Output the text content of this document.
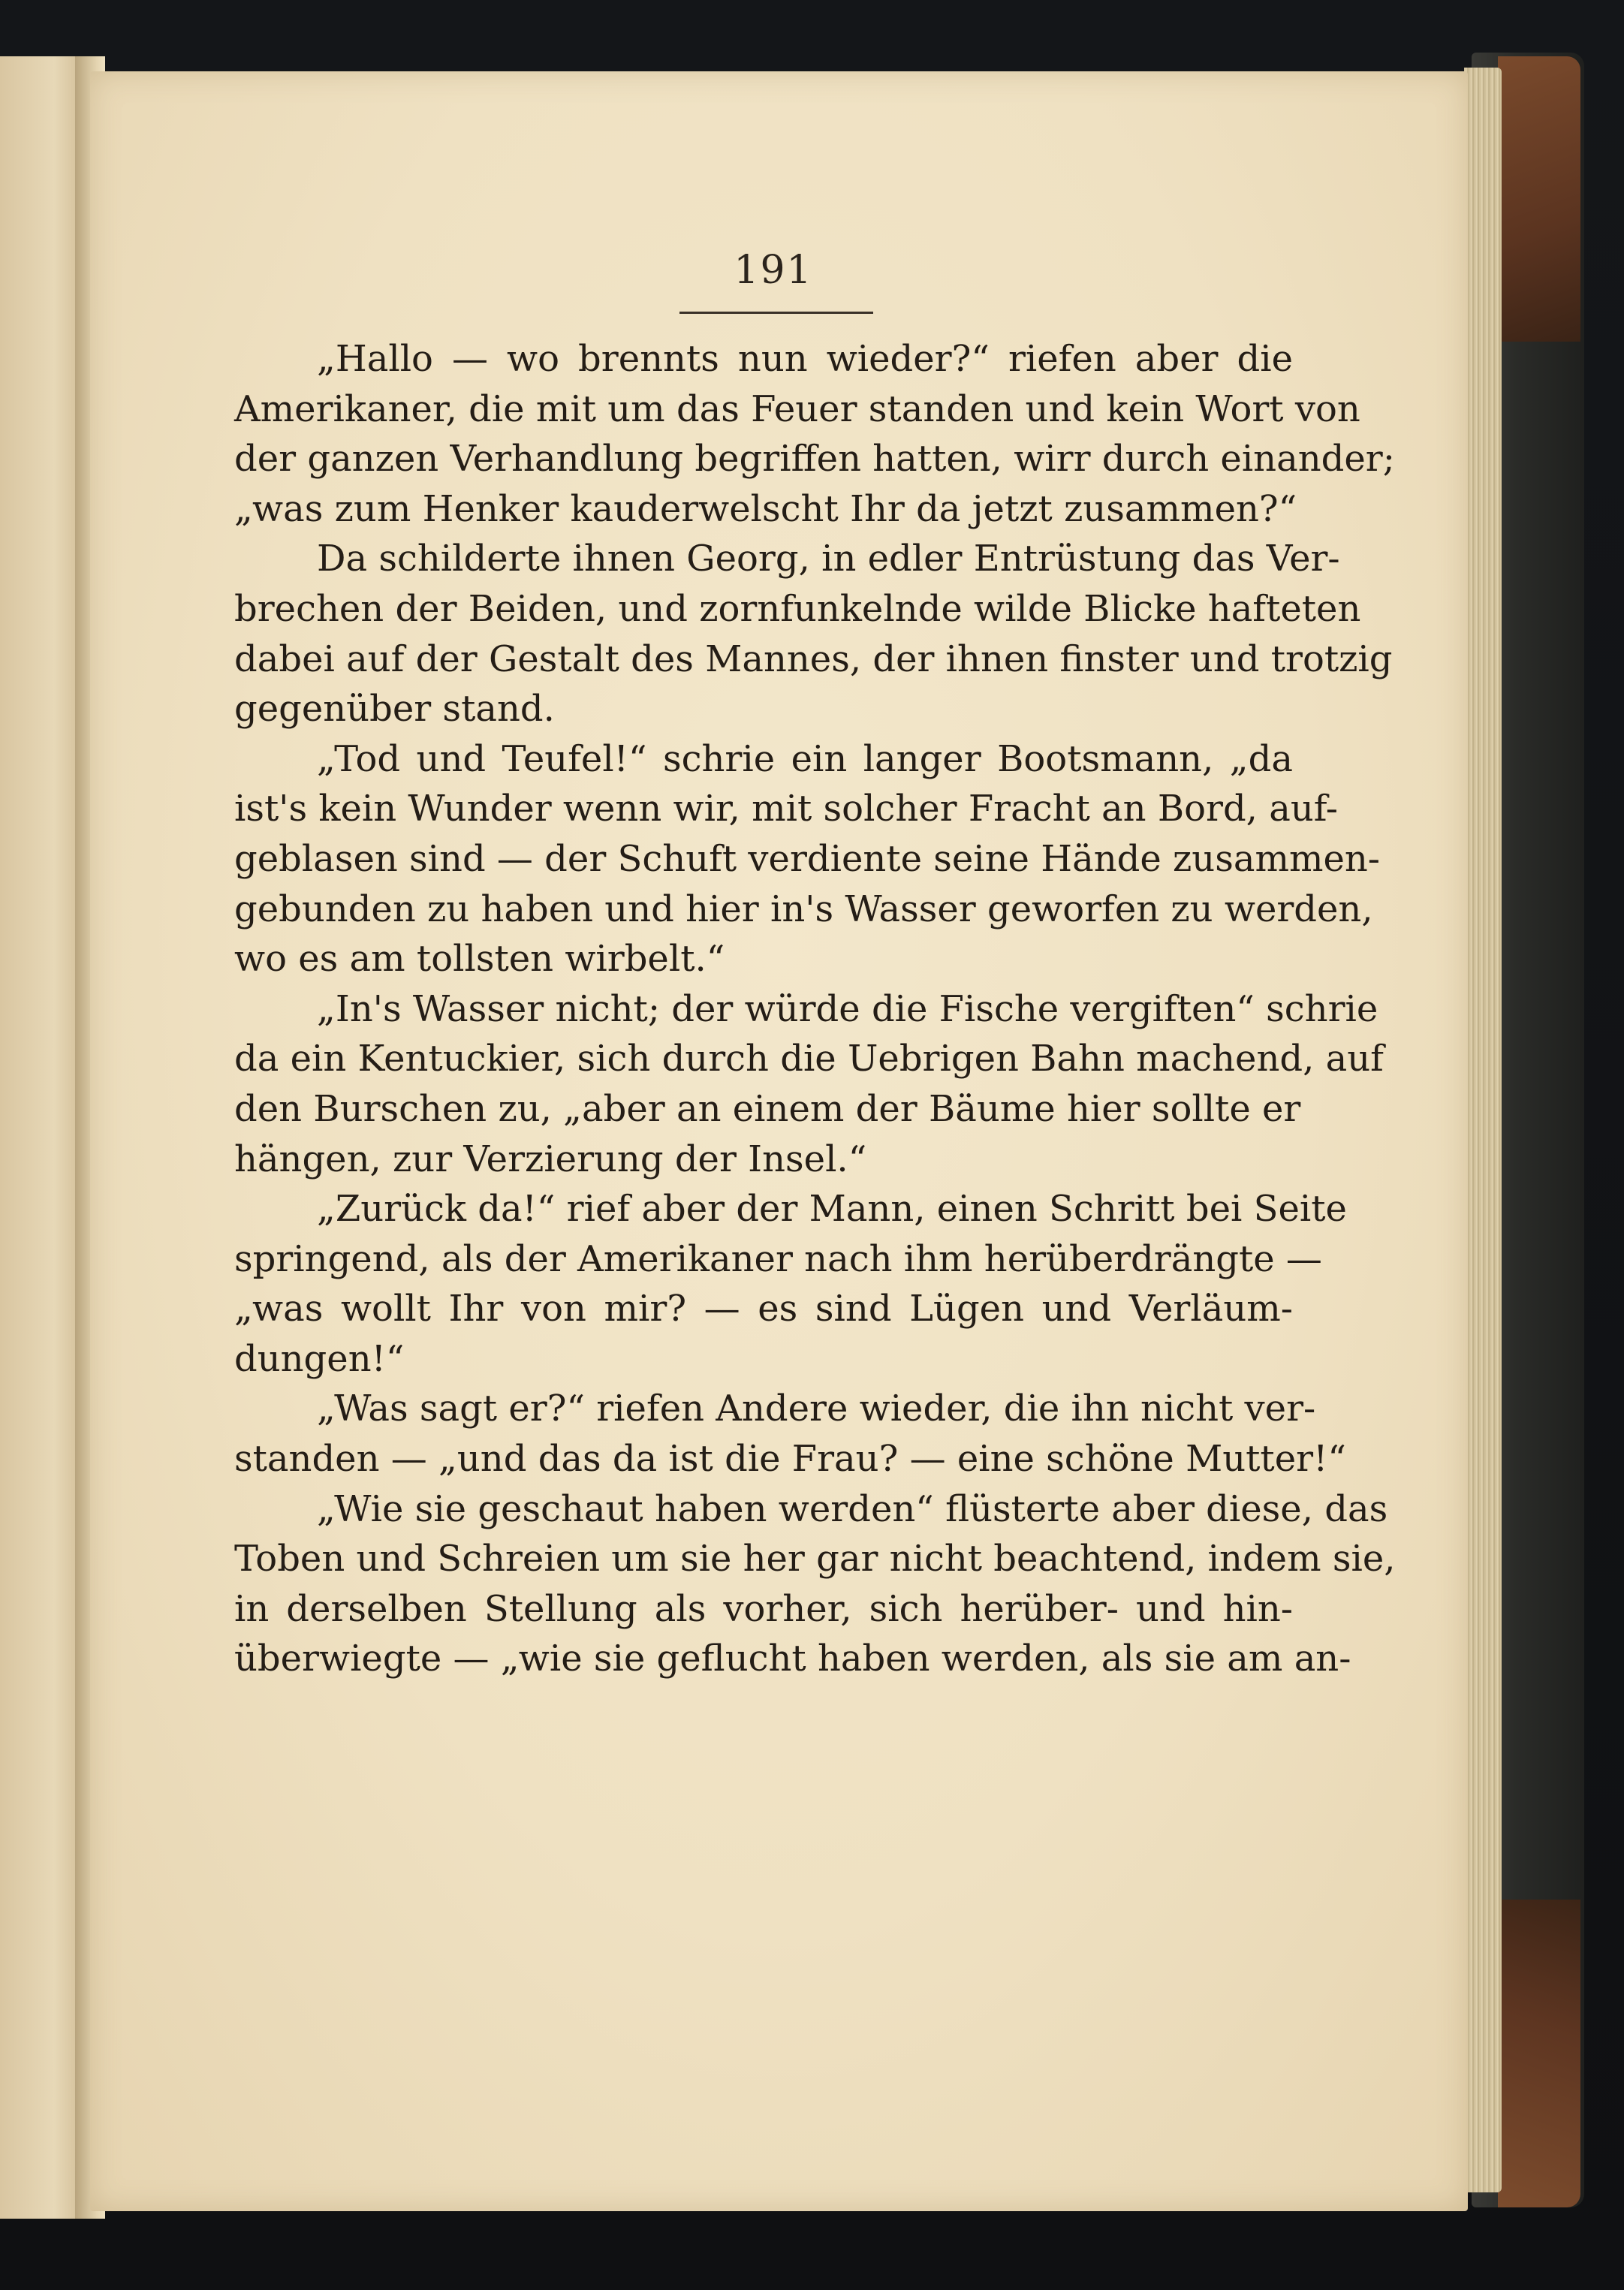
191
„Hallo — wo brennts nun wieder?“ riefen aber die
Amerikaner, die mit um das Feuer standen und kein Wort von
der ganzen Verhandlung begriffen hatten, wirr durch einander;
„was zum Henker kauderwelscht Ihr da jetzt zusammen?“
Da schilderte ihnen Georg, in edler Entrüstung das Ver-
brechen der Beiden, und zornfunkelnde wilde Blicke hafteten
dabei auf der Gestalt des Mannes, der ihnen finster und trotzig
gegenüber stand.
„Tod und Teufel!“ schrie ein langer Bootsmann, „da
ist's kein Wunder wenn wir, mit solcher Fracht an Bord, auf-
geblasen sind — der Schuft verdiente seine Hände zusammen-
gebunden zu haben und hier in's Wasser geworfen zu werden,
wo es am tollsten wirbelt.“
„In's Wasser nicht; der würde die Fische vergiften“ schrie
da ein Kentuckier, sich durch die Uebrigen Bahn machend, auf
den Burschen zu, „aber an einem der Bäume hier sollte er
hängen, zur Verzierung der Insel.“
„Zurück da!“ rief aber der Mann, einen Schritt bei Seite
springend, als der Amerikaner nach ihm herüberdrängte —
„was wollt Ihr von mir? — es sind Lügen und Verläum-
dungen!“
„Was sagt er?“ riefen Andere wieder, die ihn nicht ver-
standen — „und das da ist die Frau? — eine schöne Mutter!“
„Wie sie geschaut haben werden“ flüsterte aber diese, das
Toben und Schreien um sie her gar nicht beachtend, indem sie,
in derselben Stellung als vorher, sich herüber- und hin-
überwiegte — „wie sie geflucht haben werden, als sie am an-
